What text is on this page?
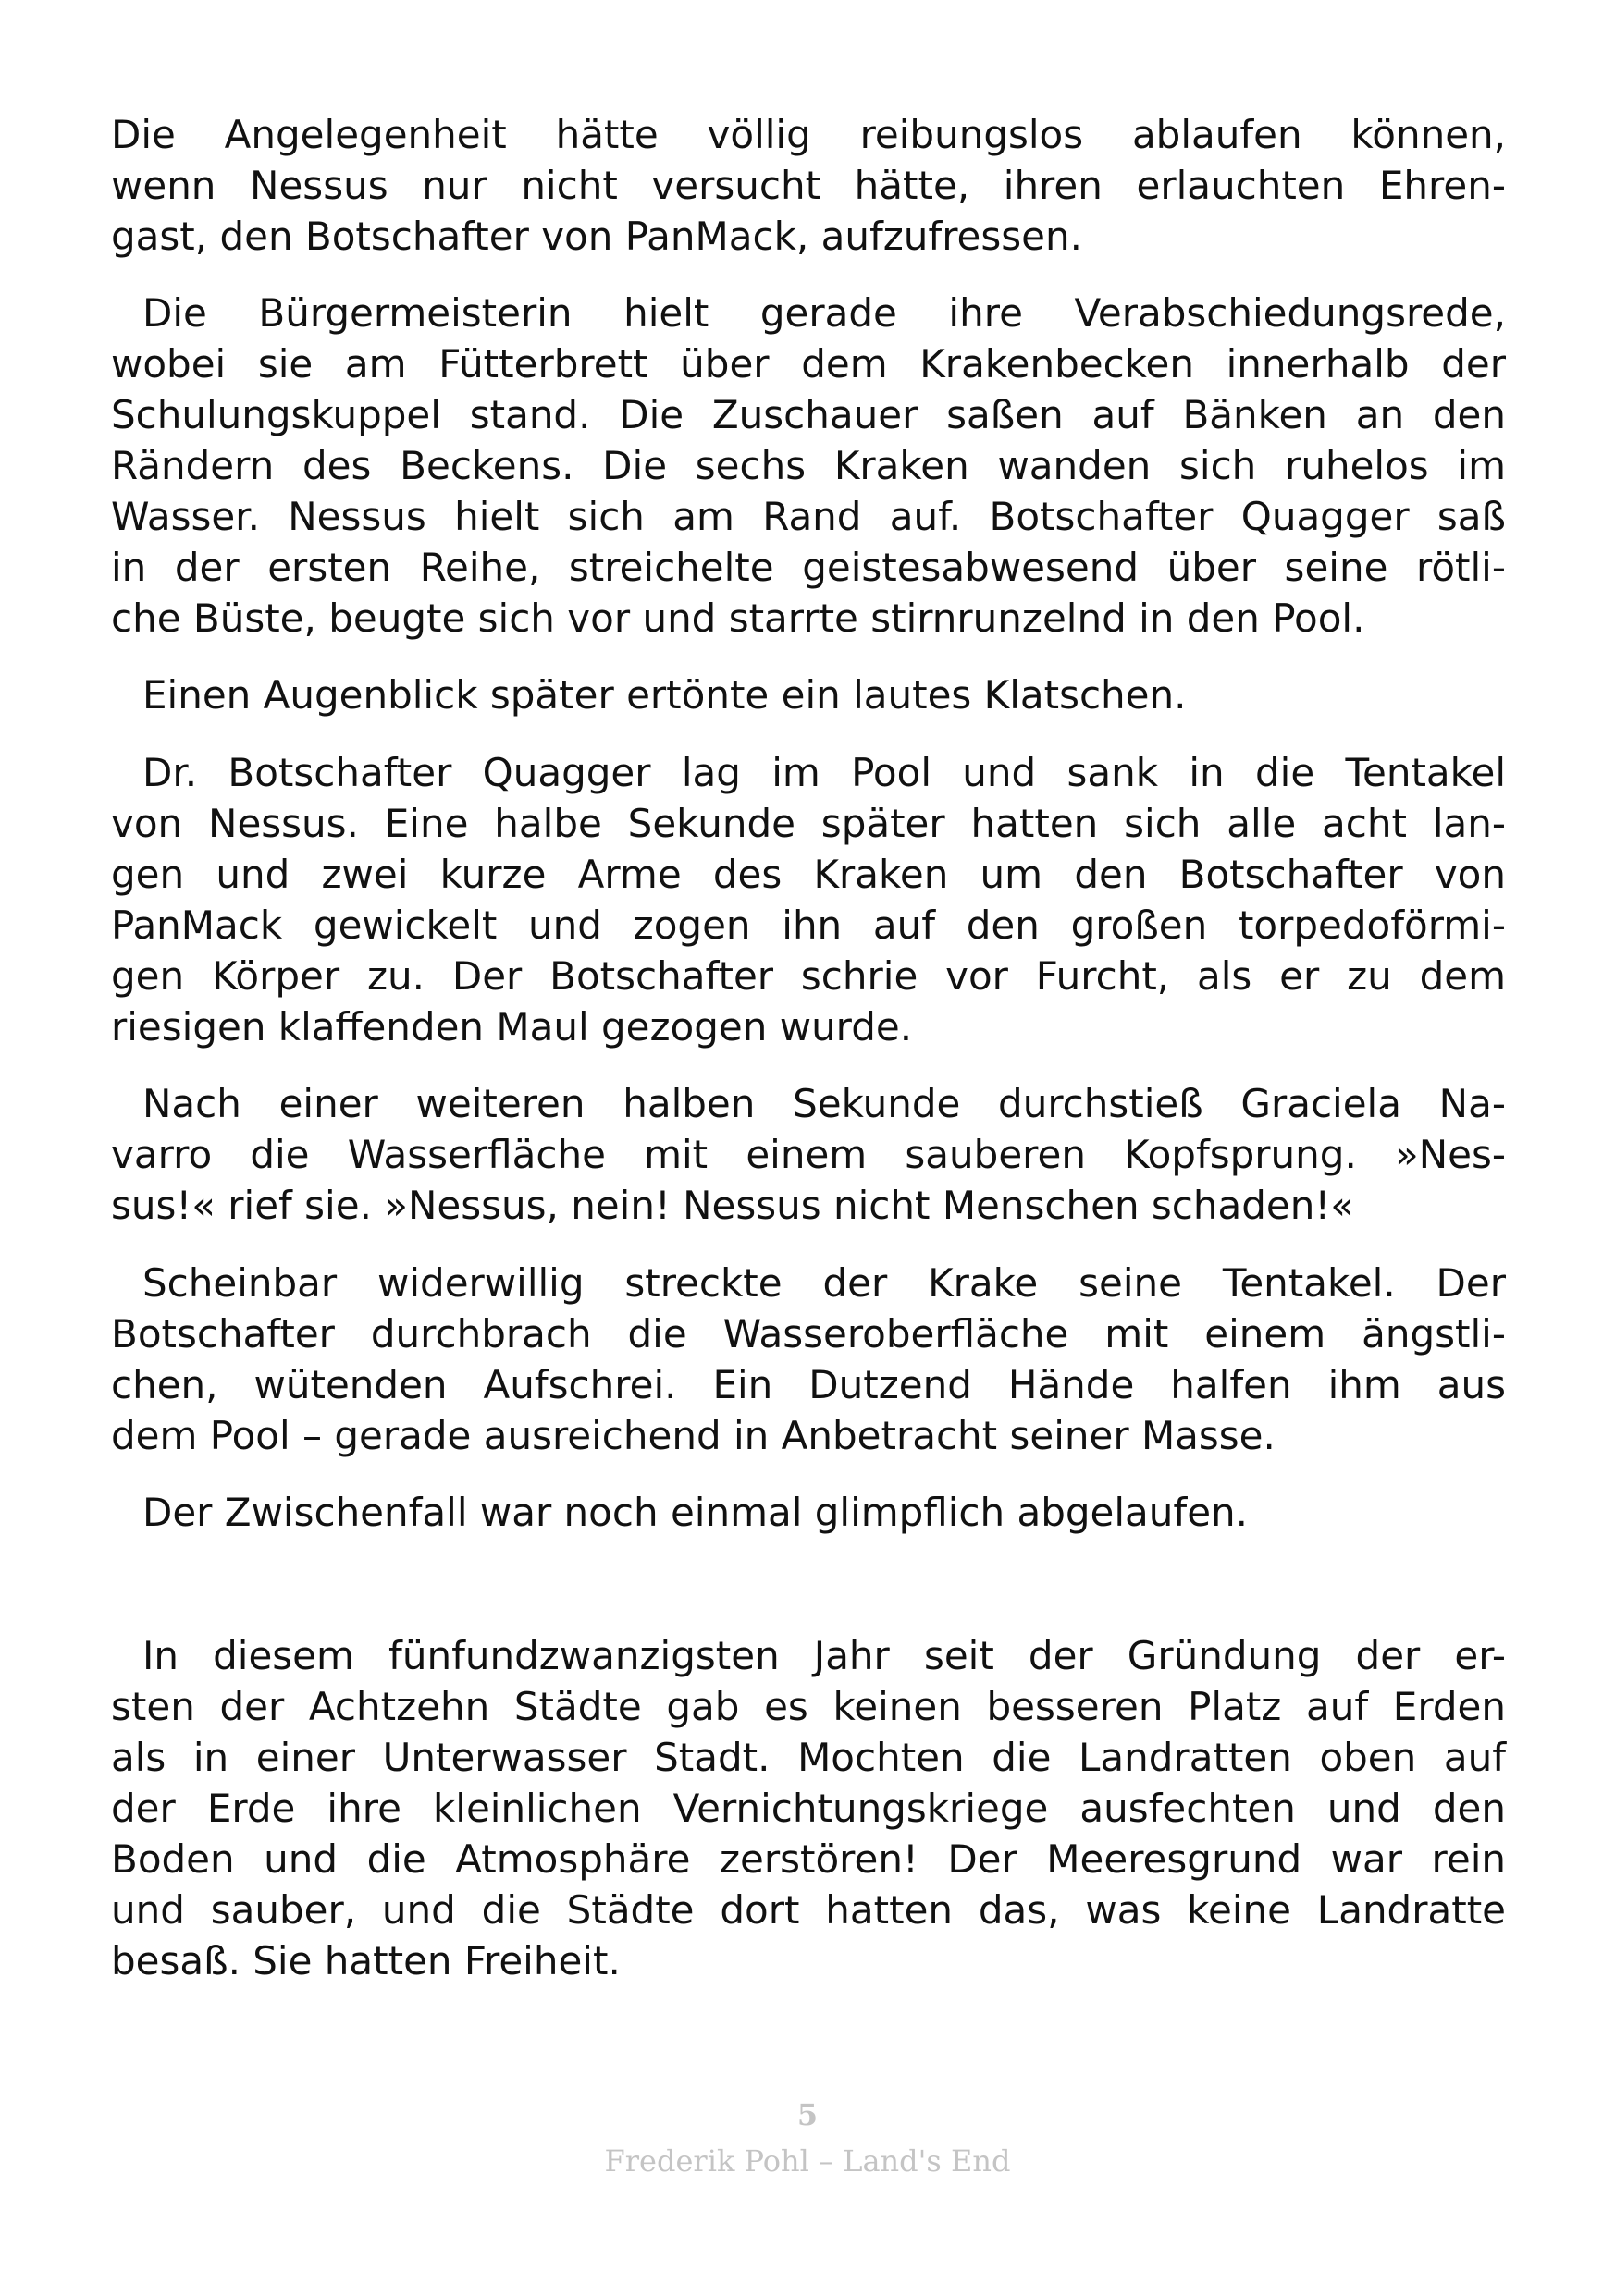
Die Angelegenheit hätte völlig reibungslos ablaufen können,
wenn Nessus nur nicht versucht hätte, ihren erlauchten Ehren-
gast, den Botschafter von PanMack, aufzufressen.
Die Bürgermeisterin hielt gerade ihre Verabschiedungsrede,
wobei sie am Fütterbrett über dem Krakenbecken innerhalb der
Schulungskuppel stand. Die Zuschauer saßen auf Bänken an den
Rändern des Beckens. Die sechs Kraken wanden sich ruhelos im
Wasser. Nessus hielt sich am Rand auf. Botschafter Quagger saß
in der ersten Reihe, streichelte geistesabwesend über seine rötli-
che Büste, beugte sich vor und starrte stirnrunzelnd in den Pool.
Einen Augenblick später ertönte ein lautes Klatschen.
Dr. Botschafter Quagger lag im Pool und sank in die Tentakel
von Nessus. Eine halbe Sekunde später hatten sich alle acht lan-
gen und zwei kurze Arme des Kraken um den Botschafter von
PanMack gewickelt und zogen ihn auf den großen torpedoförmi-
gen Körper zu. Der Botschafter schrie vor Furcht, als er zu dem
riesigen klaffenden Maul gezogen wurde.
Nach einer weiteren halben Sekunde durchstieß Graciela Na-
varro die Wasserfläche mit einem sauberen Kopfsprung. »Nes-
sus!« rief sie. »Nessus, nein! Nessus nicht Menschen schaden!«
Scheinbar widerwillig streckte der Krake seine Tentakel. Der
Botschafter durchbrach die Wasseroberfläche mit einem ängstli-
chen, wütenden Aufschrei. Ein Dutzend Hände halfen ihm aus
dem Pool – gerade ausreichend in Anbetracht seiner Masse.
Der Zwischenfall war noch einmal glimpflich abgelaufen.
In diesem fünfundzwanzigsten Jahr seit der Gründung der er-
sten der Achtzehn Städte gab es keinen besseren Platz auf Erden
als in einer Unterwasser Stadt. Mochten die Landratten oben auf
der Erde ihre kleinlichen Vernichtungskriege ausfechten und den
Boden und die Atmosphäre zerstören! Der Meeresgrund war rein
und sauber, und die Städte dort hatten das, was keine Landratte
besaß. Sie hatten Freiheit.
5
Frederik Pohl – Land's End
